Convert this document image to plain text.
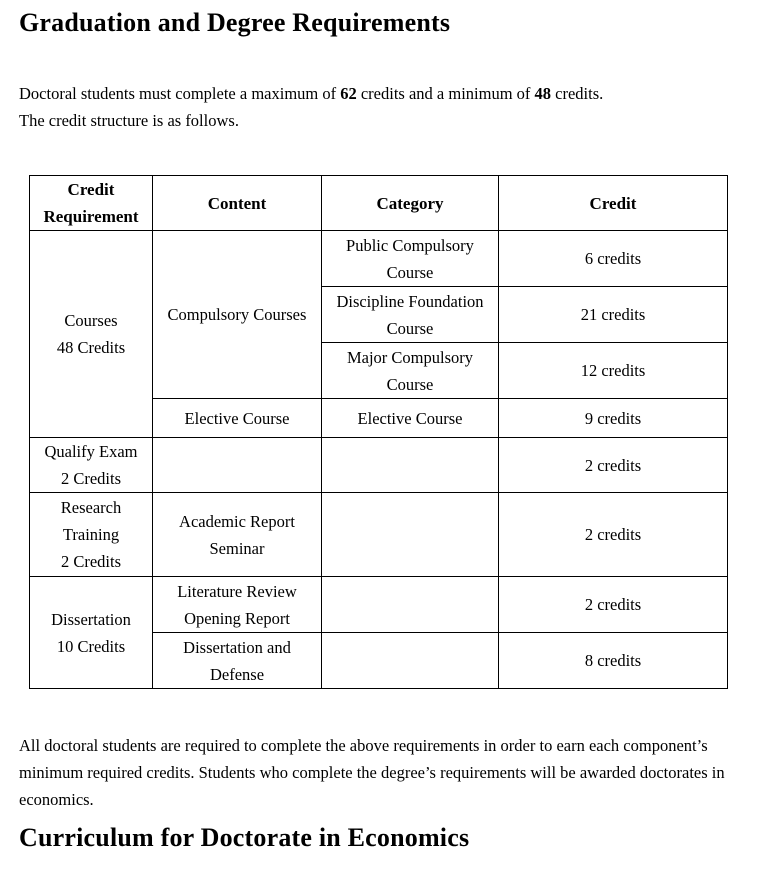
Graduation and Degree Requirements

Doctoral students must complete a maximum of 62 credits and a minimum of 48 credits.
The credit structure is as follows.

Credit
Requirement	Content	Category	Credit

Courses
48 Credits	Compulsory Courses	Public Compulsory
Course	6 credits

		Discipline Foundation
Course	21 credits

		Major Compulsory
Course	12 credits
	Elective Course	Elective Course	9 credits

Qualify Exam
2 Credits			2 credits

Research
Training
2 Credits	Academic Report
Seminar		2 credits

Dissertation
10 Credits	Literature Review
Opening Report		2 credits

	Dissertation and
Defense		8 credits

All doctoral students are required to complete the above requirements in order to earn each component’s minimum required credits. Students who complete the degree’s requirements will be awarded doctorates in economics.

Curriculum for Doctorate in Economics
